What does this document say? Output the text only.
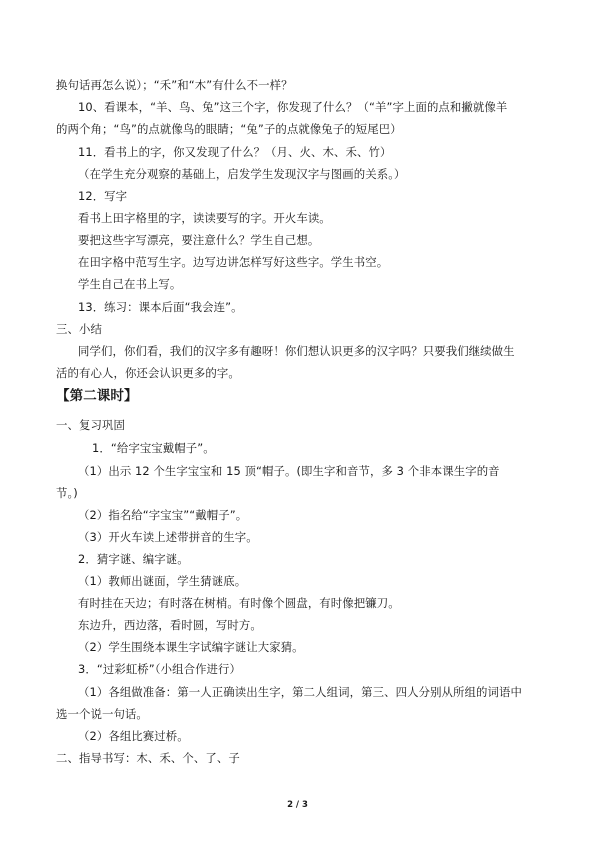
换句话再怎么说）；“禾”和“木”有什么不一样？
10、看课本，“羊、鸟、兔”这三个字，你发现了什么？（“羊”字上面的点和撇就像羊
的两个角；“鸟”的点就像鸟的眼睛；“兔”子的点就像兔子的短尾巴）
11．看书上的字，你又发现了什么？（月、火、木、禾、竹）
（在学生充分观察的基础上，启发学生发现汉字与图画的关系。）
12．写字
看书上田字格里的字，读读要写的字。开火车读。
要把这些字写漂亮，要注意什么？学生自己想。
在田字格中范写生字。边写边讲怎样写好这些字。学生书空。
学生自己在书上写。
13．练习：课本后面“我会连”。
三、小结
同学们，你们看，我们的汉字多有趣呀！你们想认识更多的汉字吗？只要我们继续做生
活的有心人，你还会认识更多的字。
【第二课时】
一、复习巩固
1．“给字宝宝戴帽子”。
（1）出示 12 个生字宝宝和 15 顶“帽子。(即生字和音节，多 3 个非本课生字的音
节。)
（2）指名给“字宝宝”“戴帽子”。
（3）开火车读上述带拼音的生字。
2．猜字谜、编字谜。
（1）教师出谜面，学生猜谜底。
有时挂在天边；有时落在树梢。有时像个圆盘，有时像把镰刀。
东边升，西边落，看时圆，写时方。
（2）学生围绕本课生字试编字谜让大家猜。
3．“过彩虹桥”（小组合作进行）
（1）各组做准备：第一人正确读出生字，第二人组词，第三、四人分别从所组的词语中
选一个说一句话。
（2）各组比赛过桥。
二、指导书写：木、禾、个、了、子
2 / 3
